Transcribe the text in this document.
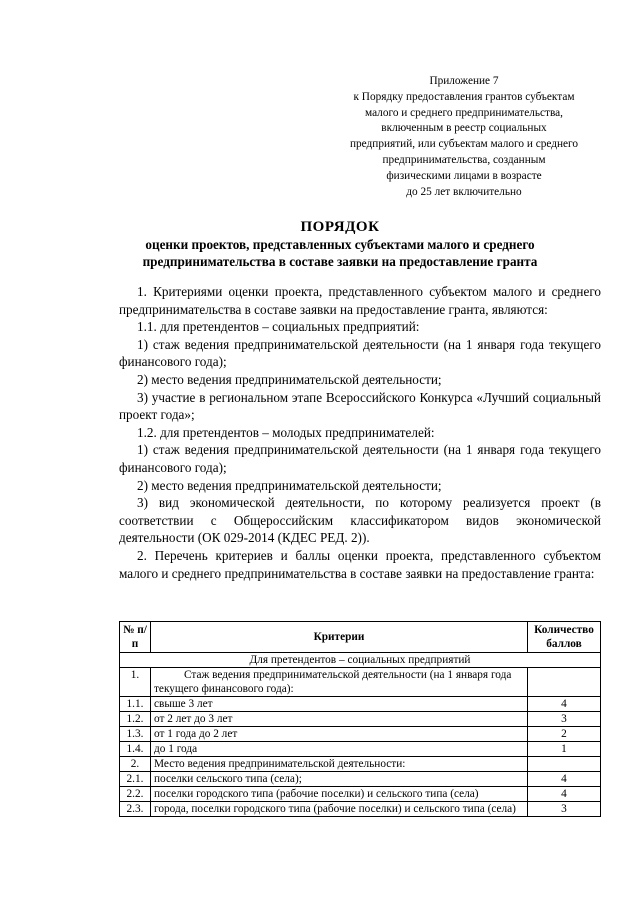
Приложение 7
к Порядку предоставления грантов субъектам
малого и среднего предпринимательства,
включенным в реестр социальных
предприятий, или субъектам малого и среднего
предпринимательства, созданным
физическими лицами в возрасте
до 25 лет включительно
ПОРЯДОК
оценки проектов, представленных субъектами малого и среднего
предпринимательства в составе заявки на предоставление гранта

1. Критериями оценки проекта, представленного субъектом малого и среднего предпринимательства в составе заявки на предоставление гранта, являются:

1.1. для претендентов – социальных предприятий:

1) стаж ведения предпринимательской деятельности (на 1 января года текущего финансового года);

2) место ведения предпринимательской деятельности;

3) участие в региональном этапе Всероссийского Конкурса «Лучший социальный проект года»;

1.2. для претендентов – молодых предпринимателей:

1) стаж ведения предпринимательской деятельности (на 1 января года текущего финансового года);

2) место ведения предпринимательской деятельности;

3) вид экономической деятельности, по которому реализуется проект (в соответствии с Общероссийским классификатором видов экономической деятельности (ОК 029-2014 (КДЕС РЕД. 2)).

2. Перечень критериев и баллы оценки проекта, представленного субъектом малого и среднего предпринимательства в составе заявки на предоставление гранта:

№ п/п	Критерии	Количество баллов
Для претендентов – социальных предприятий		
1.	Стаж ведения предпринимательской деятельности (на 1 января года текущего финансового года):	
1.1.	свыше 3 лет	4
1.2.	от 2 лет до 3 лет	3
1.3.	от 1 года до 2 лет	2
1.4.	до 1 года	1
2.	Место ведения предпринимательской деятельности:	
2.1.	поселки сельского типа (села);	4
2.2.	поселки городского типа (рабочие поселки) и сельского типа (села)	4
2.3.	города, поселки городского типа (рабочие поселки) и сельского типа (села)	3
